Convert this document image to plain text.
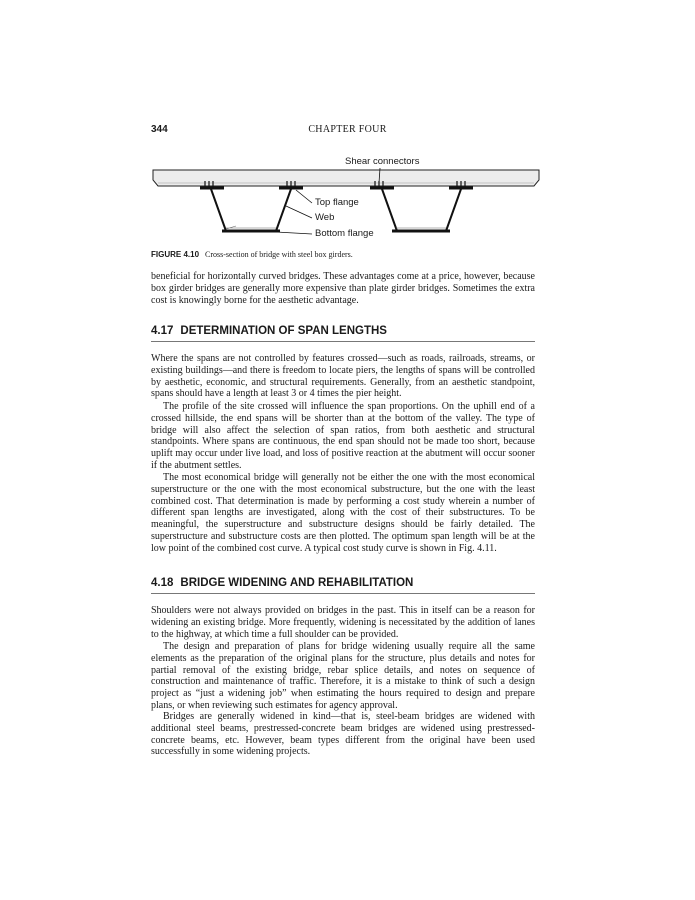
344	CHAPTER FOUR
Shear connectors
Top flange
Web
Bottom flange
FIGURE 4.10 Cross-section of bridge with steel box girders.

beneficial for horizontally curved bridges. These advantages come at a price, however, because box girder bridges are generally more expensive than plate girder bridges. Sometimes the extra cost is knowingly borne for the aesthetic advantage.

4.17 DETERMINATION OF SPAN LENGTHS

Where the spans are not controlled by features crossed—such as roads, railroads, streams, or existing buildings—and there is freedom to locate piers, the lengths of spans will be controlled by aesthetic, economic, and structural requirements. Generally, from an aesthetic standpoint, spans should have a length at least 3 or 4 times the pier height.

The profile of the site crossed will influence the span proportions. On the uphill end of a crossed hillside, the end spans will be shorter than at the bottom of the valley. The type of bridge will also affect the selection of span ratios, from both aesthetic and structural standpoints. Where spans are continuous, the end span should not be made too short, because uplift may occur under live load, and loss of positive reaction at the abutment will occur sooner if the abutment settles.

The most economical bridge will generally not be either the one with the most economical superstructure or the one with the most economical substructure, but the one with the least combined cost. That determination is made by performing a cost study wherein a number of different span lengths are investigated, along with the cost of their substructures. To be meaningful, the superstructure and substructure designs should be fairly detailed. The superstructure and substructure costs are then plotted. The optimum span length will be at the low point of the combined cost curve. A typical cost study curve is shown in Fig. 4.11.

4.18 BRIDGE WIDENING AND REHABILITATION

Shoulders were not always provided on bridges in the past. This in itself can be a reason for widening an existing bridge. More frequently, widening is necessitated by the addition of lanes to the highway, at which time a full shoulder can be provided.

The design and preparation of plans for bridge widening usually require all the same elements as the preparation of the original plans for the structure, plus details and notes for partial removal of the existing bridge, rebar splice details, and notes on sequence of construction and maintenance of traffic. Therefore, it is a mistake to think of such a design project as “just a widening job” when estimating the hours required to design and prepare plans, or when reviewing such estimates for agency approval.

Bridges are generally widened in kind—that is, steel-beam bridges are widened with additional steel beams, prestressed-concrete beam bridges are widened using prestressed-concrete beams, etc. However, beam types different from the original have been used successfully in some widening projects.
